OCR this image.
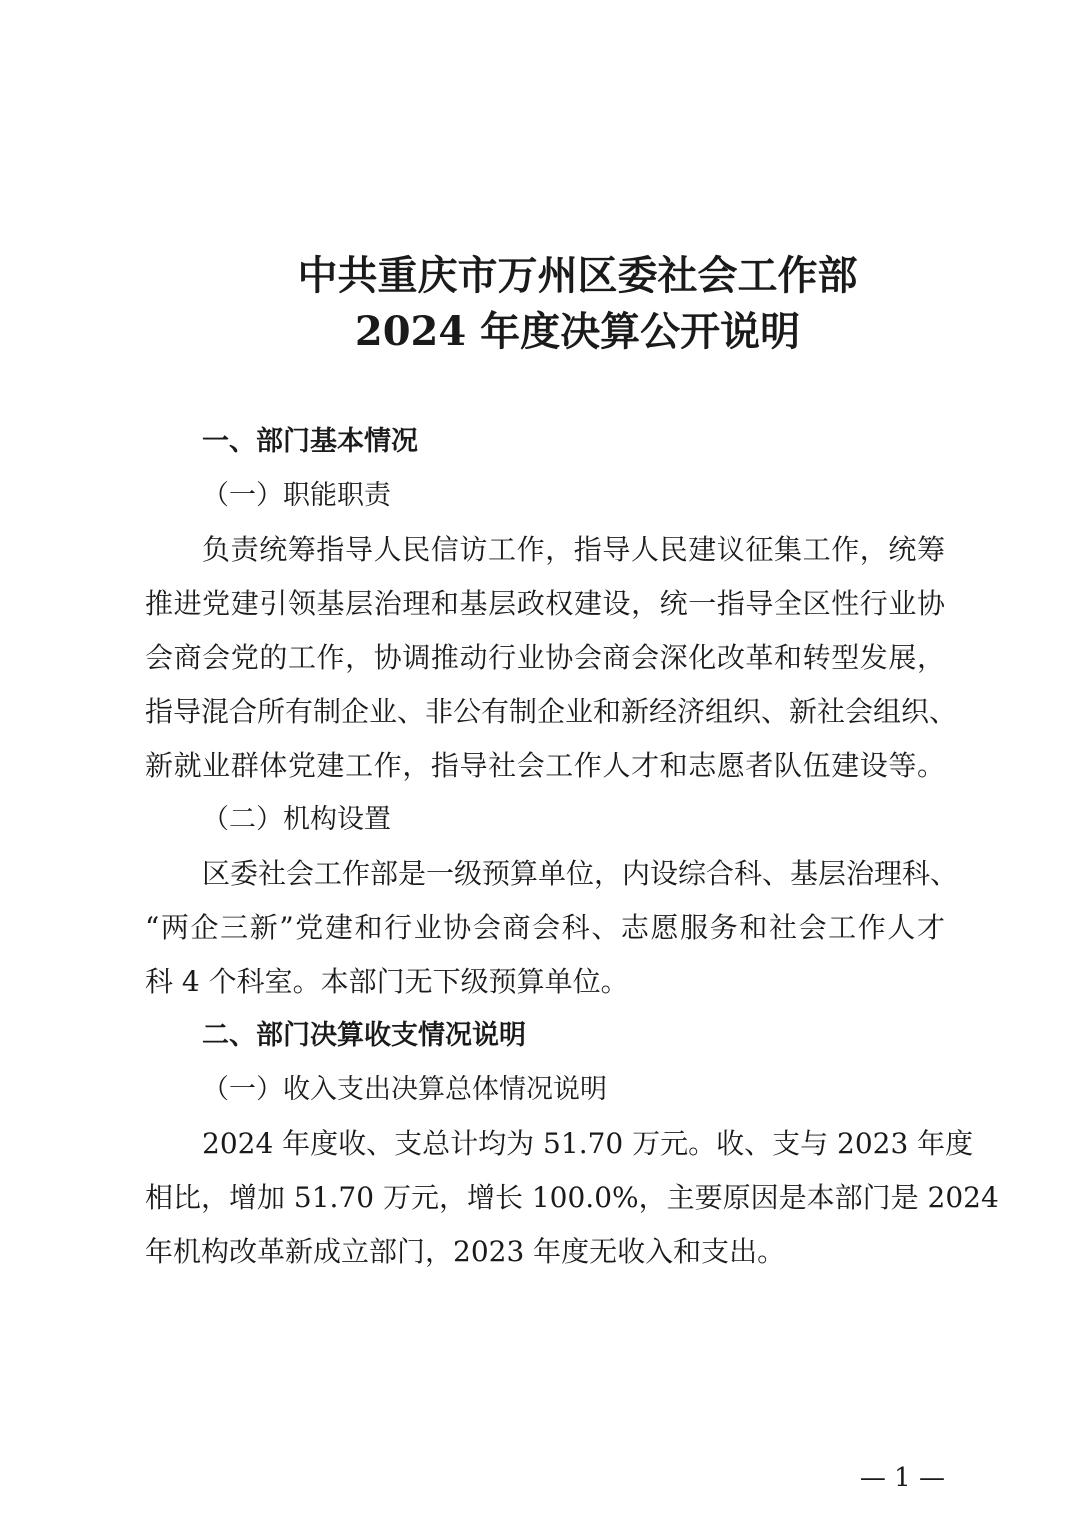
中共重庆市万州区委社会工作部
2024 年度决算公开说明
一、部门基本情况
（一）职能职责
负责统筹指导人民信访工作，指导人民建议征集工作，统筹
推进党建引领基层治理和基层政权建设，统一指导全区性行业协
会商会党的工作，协调推动行业协会商会深化改革和转型发展，
指导混合所有制企业、非公有制企业和新经济组织、新社会组织、
新就业群体党建工作，指导社会工作人才和志愿者队伍建设等。
（二）机构设置
区委社会工作部是一级预算单位，内设综合科、基层治理科、
“两企三新”党建和行业协会商会科、志愿服务和社会工作人才
科 4 个科室。本部门无下级预算单位。
二、部门决算收支情况说明
（一）收入支出决算总体情况说明
2024 年度收、支总计均为 51.70 万元。收、支与 2023 年度
相比，增加 51.70 万元，增长 100.0%，主要原因是本部门是 2024
年机构改革新成立部门，2023 年度无收入和支出。
— 1 —
